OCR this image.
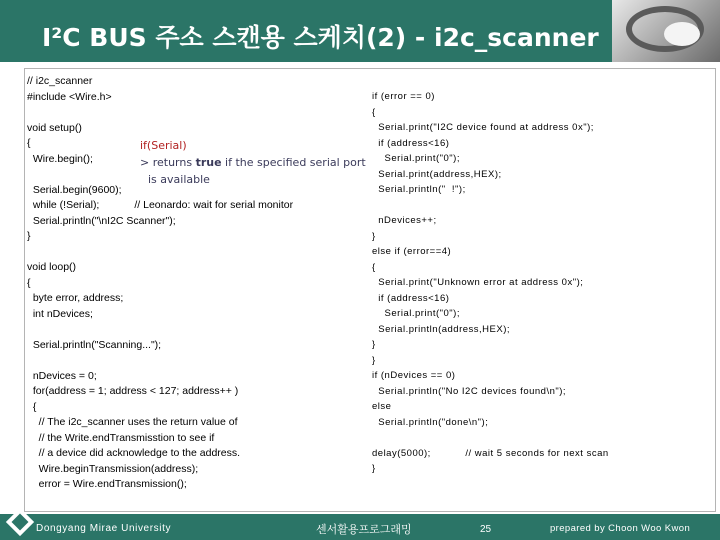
I²C BUS 주소 스캔용 스케치(2) - i2c_scanner
// i2c_scanner
#include <Wire.h>

void setup()
{
Wire.begin();

Serial.begin(9600);
while (!Serial);            // Leonardo: wait for serial monitor
Serial.println("\nI2C Scanner");
}

void loop()
{
byte error, address;
int nDevices;

Serial.println("Scanning...");

nDevices = 0;
for(address = 1; address < 127; address++ )
{
// The i2c_scanner uses the return value of
// the Write.endTransmisstion to see if
// a device did acknowledge to the address.
Wire.beginTransmission(address);
error = Wire.endTransmission();
if (error == 0)
{
Serial.print("I2C device found at address 0x");
if (address<16)
Serial.print("0");
Serial.print(address,HEX);
Serial.println("  !");

nDevices++;
}
else if (error==4)
{
Serial.print("Unknown error at address 0x");
if (address<16)
Serial.print("0");
Serial.println(address,HEX);
}
}
if (nDevices == 0)
Serial.println("No I2C devices found\n");
else
Serial.println("done\n");

delay(5000);           // wait 5 seconds for next scan
}
if(Serial)
> returns true if the specified serial port
is available
Dongyang Mirae University	센서활용프로그래밍	25	prepared by Choon Woo Kwon
